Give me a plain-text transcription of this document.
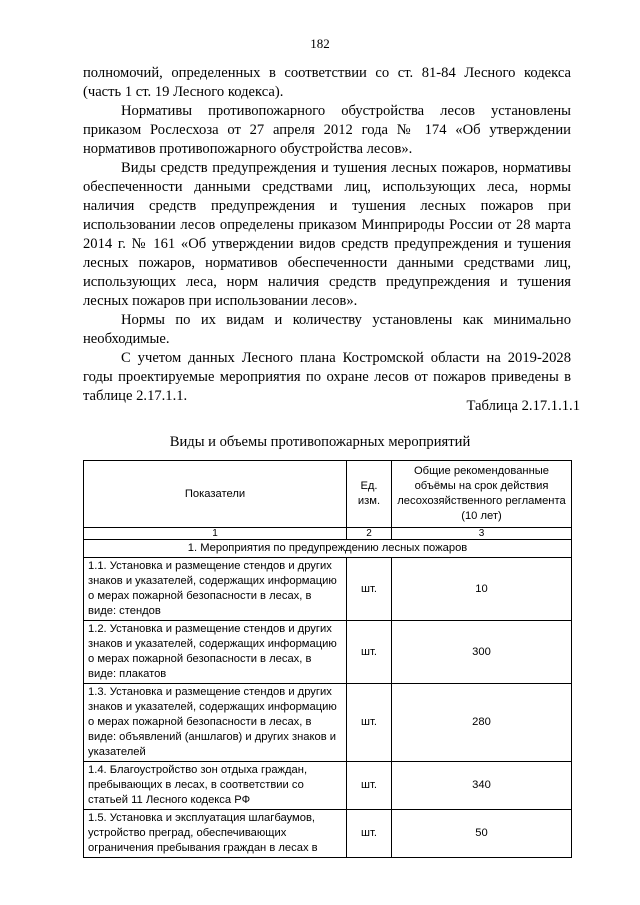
182

полномочий, определенных в соответствии со ст. 81-84 Лесного кодекса (часть 1 ст. 19 Лесного кодекса).

Нормативы противопожарного обустройства лесов установлены приказом Рослесхоза от 27 апреля 2012 года № 174 «Об утверждении нормативов противопожарного обустройства лесов».

Виды средств предупреждения и тушения лесных пожаров, нормативы обеспеченности данными средствами лиц, использующих леса, нормы наличия средств предупреждения и тушения лесных пожаров при использовании лесов определены приказом Минприроды России от 28 марта 2014 г. № 161 «Об утверждении видов средств предупреждения и тушения лесных пожаров, нормативов обеспеченности данными средствами лиц, использующих леса, норм наличия средств предупреждения и тушения лесных пожаров при использовании лесов».

Нормы по их видам и количеству установлены как минимально необходимые.

С учетом данных Лесного плана Костромской области на 2019-2028 годы проектируемые мероприятия по охране лесов от пожаров приведены в таблице 2.17.1.1.

Таблица 2.17.1.1.1
Виды и объемы противопожарных мероприятий
Показатели	Ед. изм.	Общие рекомендованные объёмы на срок действия лесохозяйственного регламента (10 лет)
1	2	3
1. Мероприятия по предупреждению лесных пожаров		
1.1. Установка и размещение стендов и других знаков и указателей, содержащих информацию о мерах пожарной безопасности в лесах, в виде: стендов	шт.	10
1.2. Установка и размещение стендов и других знаков и указателей, содержащих информацию о мерах пожарной безопасности в лесах, в виде: плакатов	шт.	300
1.3. Установка и размещение стендов и других знаков и указателей, содержащих информацию о мерах пожарной безопасности в лесах, в виде: объявлений (аншлагов) и других знаков и указателей	шт.	280
1.4. Благоустройство зон отдыха граждан, пребывающих в лесах, в соответствии со статьей 11 Лесного кодекса РФ	шт.	340
1.5. Установка и эксплуатация шлагбаумов, устройство преград, обеспечивающих ограничения пребывания граждан в лесах в	шт.	50
